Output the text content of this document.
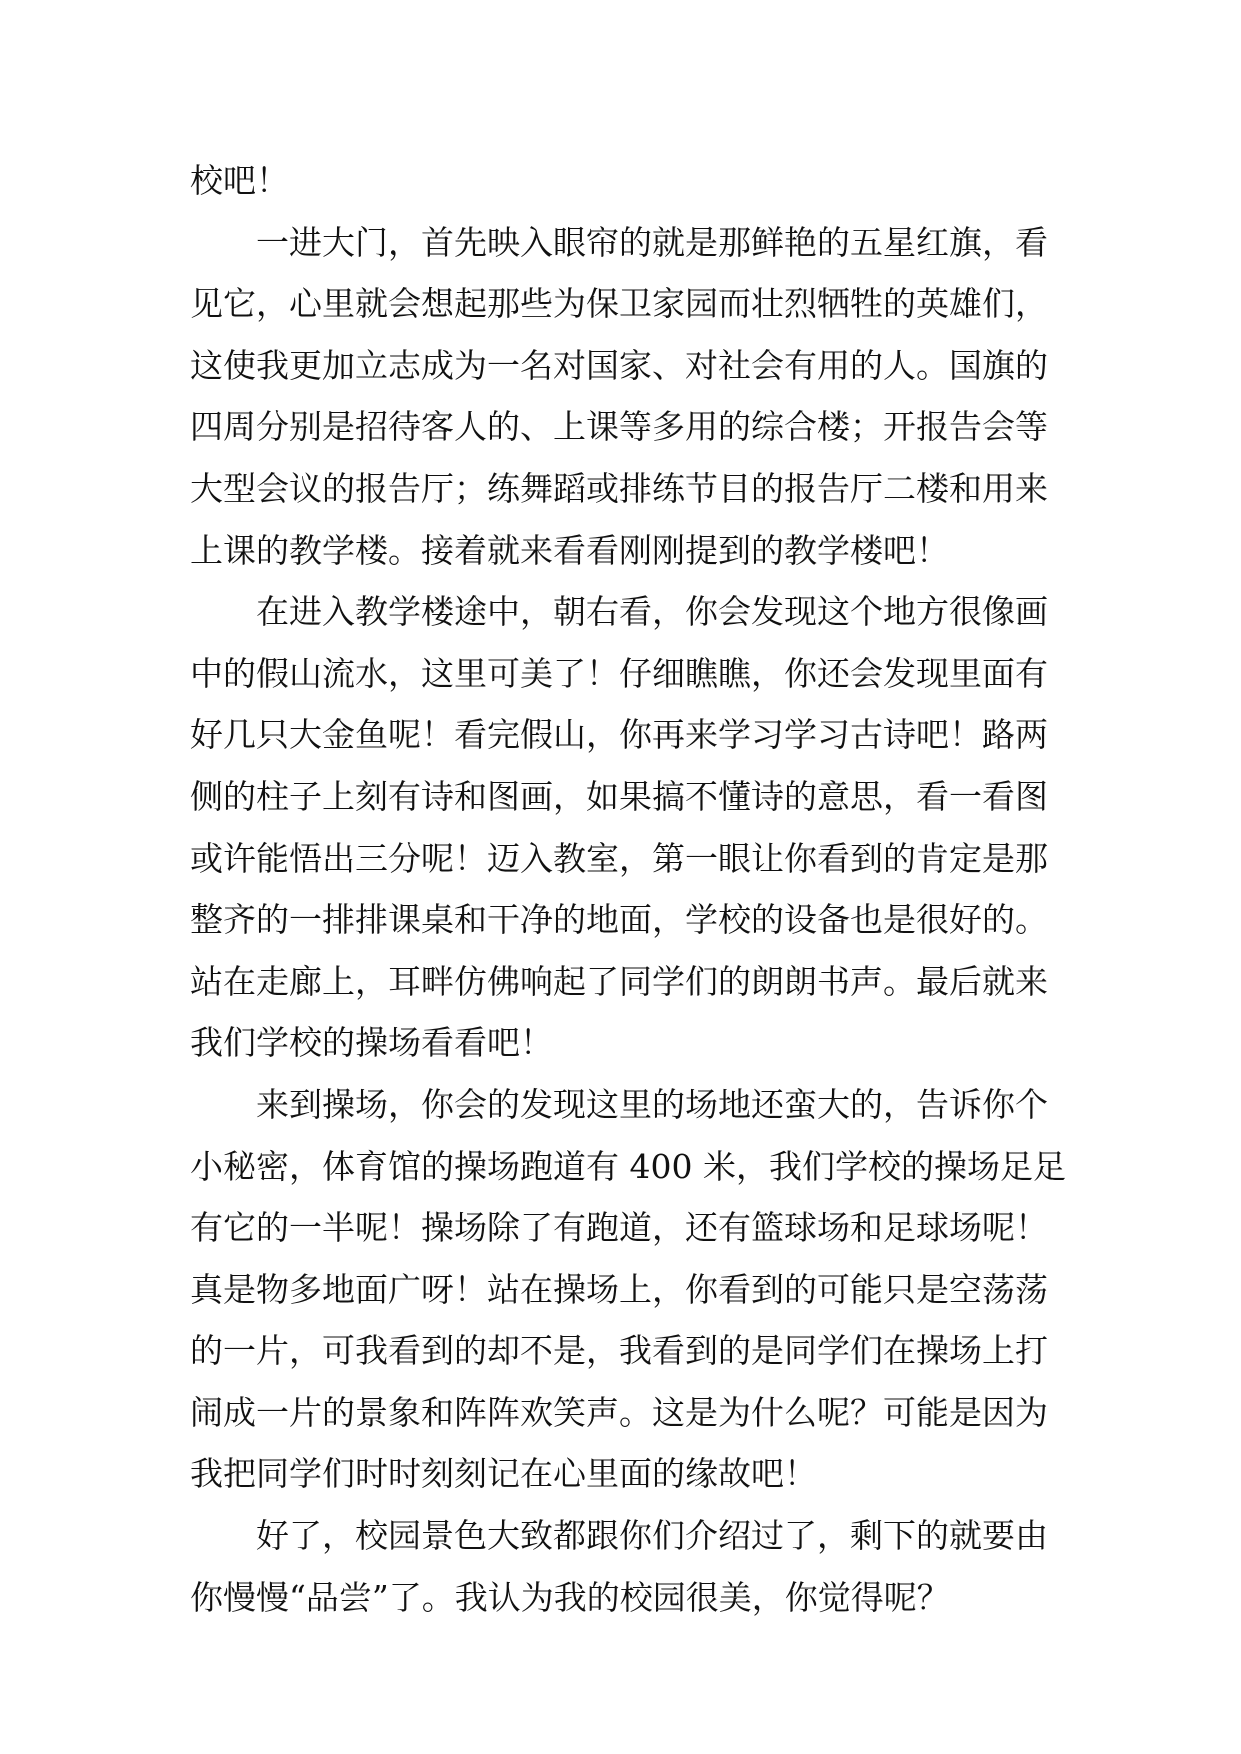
校吧！
　　一进大门，首先映入眼帘的就是那鲜艳的五星红旗，看
见它，心里就会想起那些为保卫家园而壮烈牺牲的英雄们，
这使我更加立志成为一名对国家、对社会有用的人。国旗的
四周分别是招待客人的、上课等多用的综合楼；开报告会等
大型会议的报告厅；练舞蹈或排练节目的报告厅二楼和用来
上课的教学楼。接着就来看看刚刚提到的教学楼吧！
　　在进入教学楼途中，朝右看，你会发现这个地方很像画
中的假山流水，这里可美了！仔细瞧瞧，你还会发现里面有
好几只大金鱼呢！看完假山，你再来学习学习古诗吧！路两
侧的柱子上刻有诗和图画，如果搞不懂诗的意思，看一看图
或许能悟出三分呢！迈入教室，第一眼让你看到的肯定是那
整齐的一排排课桌和干净的地面，学校的设备也是很好的。
站在走廊上，耳畔仿佛响起了同学们的朗朗书声。最后就来
我们学校的操场看看吧！
　　来到操场，你会的发现这里的场地还蛮大的，告诉你个
小秘密，体育馆的操场跑道有 400 米，我们学校的操场足足
有它的一半呢！操场除了有跑道，还有篮球场和足球场呢！
真是物多地面广呀！站在操场上，你看到的可能只是空荡荡
的一片，可我看到的却不是，我看到的是同学们在操场上打
闹成一片的景象和阵阵欢笑声。这是为什么呢？可能是因为
我把同学们时时刻刻记在心里面的缘故吧！
　　好了，校园景色大致都跟你们介绍过了，剩下的就要由
你慢慢“品尝”了。我认为我的校园很美，你觉得呢？
